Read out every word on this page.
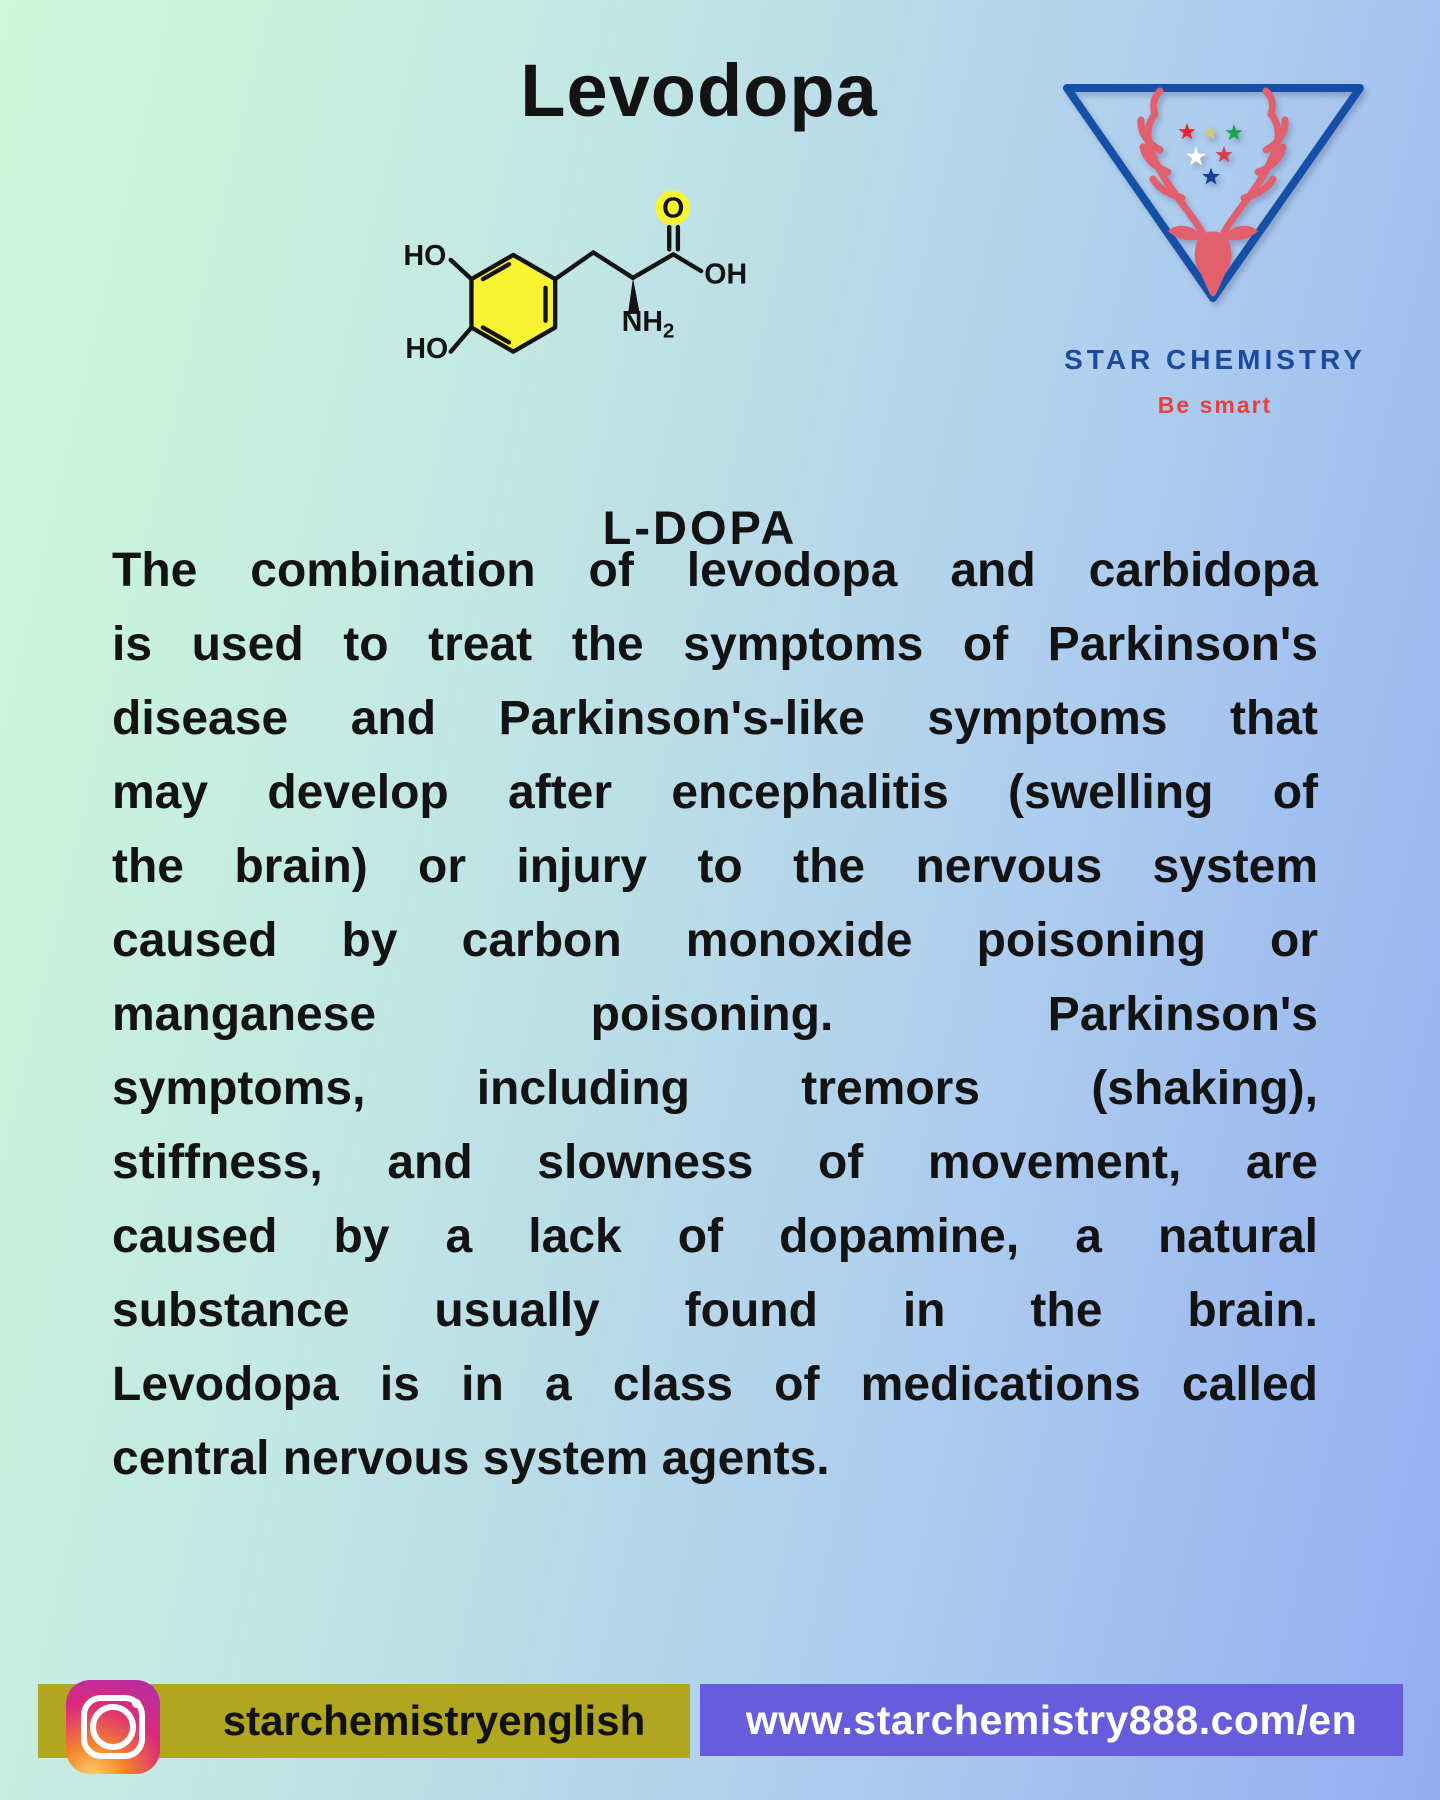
Levodopa
HO
HO
O
OH
$NH_2$
L-DOPA
STAR CHEMISTRY
Be smart
The combination of levodopa and carbidopa
is used to treat the symptoms of Parkinson's
disease and Parkinson's-like symptoms that
may develop after encephalitis (swelling of
the brain) or injury to the nervous system
caused by carbon monoxide poisoning or
manganese poisoning. Parkinson's
symptoms, including tremors (shaking),
stiffness, and slowness of movement, are
caused by a lack of dopamine, a natural
substance usually found in the brain.
Levodopa is in a class of medications called
central nervous system agents.
starchemistryenglish	www.starchemistry888.com/en
